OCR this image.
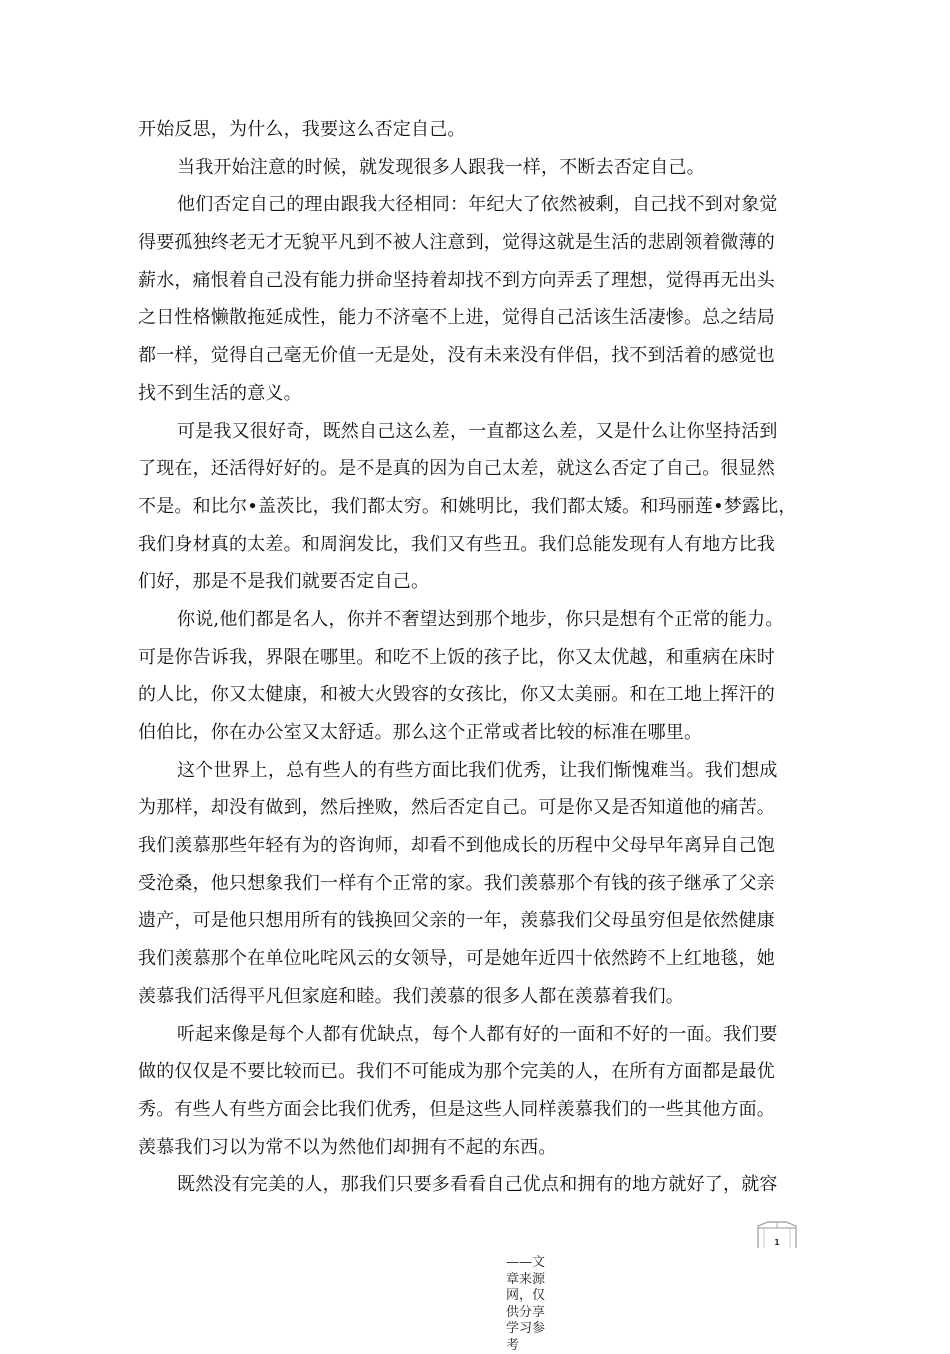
开始反思，为什么，我要这么否定自己。
当我开始注意的时候，就发现很多人跟我一样，不断去否定自己。
他们否定自己的理由跟我大径相同：年纪大了依然被剩，自己找不到对象觉
得要孤独终老无才无貌平凡到不被人注意到，觉得这就是生活的悲剧领着微薄的
薪水，痛恨着自己没有能力拼命坚持着却找不到方向弄丢了理想，觉得再无出头
之日性格懒散拖延成性，能力不济毫不上进，觉得自己活该生活凄惨。总之结局
都一样，觉得自己毫无价值一无是处，没有未来没有伴侣，找不到活着的感觉也
找不到生活的意义。
可是我又很好奇，既然自己这么差，一直都这么差，又是什么让你坚持活到
了现在，还活得好好的。是不是真的因为自己太差，就这么否定了自己。很显然
不是。和比尔•盖茨比，我们都太穷。和姚明比，我们都太矮。和玛丽莲•梦露比，
我们身材真的太差。和周润发比，我们又有些丑。我们总能发现有人有地方比我
们好，那是不是我们就要否定自己。
你说,他们都是名人，你并不奢望达到那个地步，你只是想有个正常的能力。
可是你告诉我，界限在哪里。和吃不上饭的孩子比，你又太优越，和重病在床时
的人比，你又太健康，和被大火毁容的女孩比，你又太美丽。和在工地上挥汗的
伯伯比，你在办公室又太舒适。那么这个正常或者比较的标准在哪里。
这个世界上，总有些人的有些方面比我们优秀，让我们惭愧难当。我们想成
为那样，却没有做到，然后挫败，然后否定自己。可是你又是否知道他的痛苦。
我们羡慕那些年轻有为的咨询师，却看不到他成长的历程中父母早年离异自己饱
受沧桑，他只想象我们一样有个正常的家。我们羡慕那个有钱的孩子继承了父亲
遗产，可是他只想用所有的钱换回父亲的一年，羡慕我们父母虽穷但是依然健康
我们羡慕那个在单位叱咤风云的女领导，可是她年近四十依然跨不上红地毯，她
羡慕我们活得平凡但家庭和睦。我们羡慕的很多人都在羡慕着我们。
听起来像是每个人都有优缺点，每个人都有好的一面和不好的一面。我们要
做的仅仅是不要比较而已。我们不可能成为那个完美的人，在所有方面都是最优
秀。有些人有些方面会比我们优秀，但是这些人同样羡慕我们的一些其他方面。
羡慕我们习以为常不以为然他们却拥有不起的东西。
既然没有完美的人，那我们只要多看看自己优点和拥有的地方就好了，就容
1
——文章来源网，仅供分享学习参考
